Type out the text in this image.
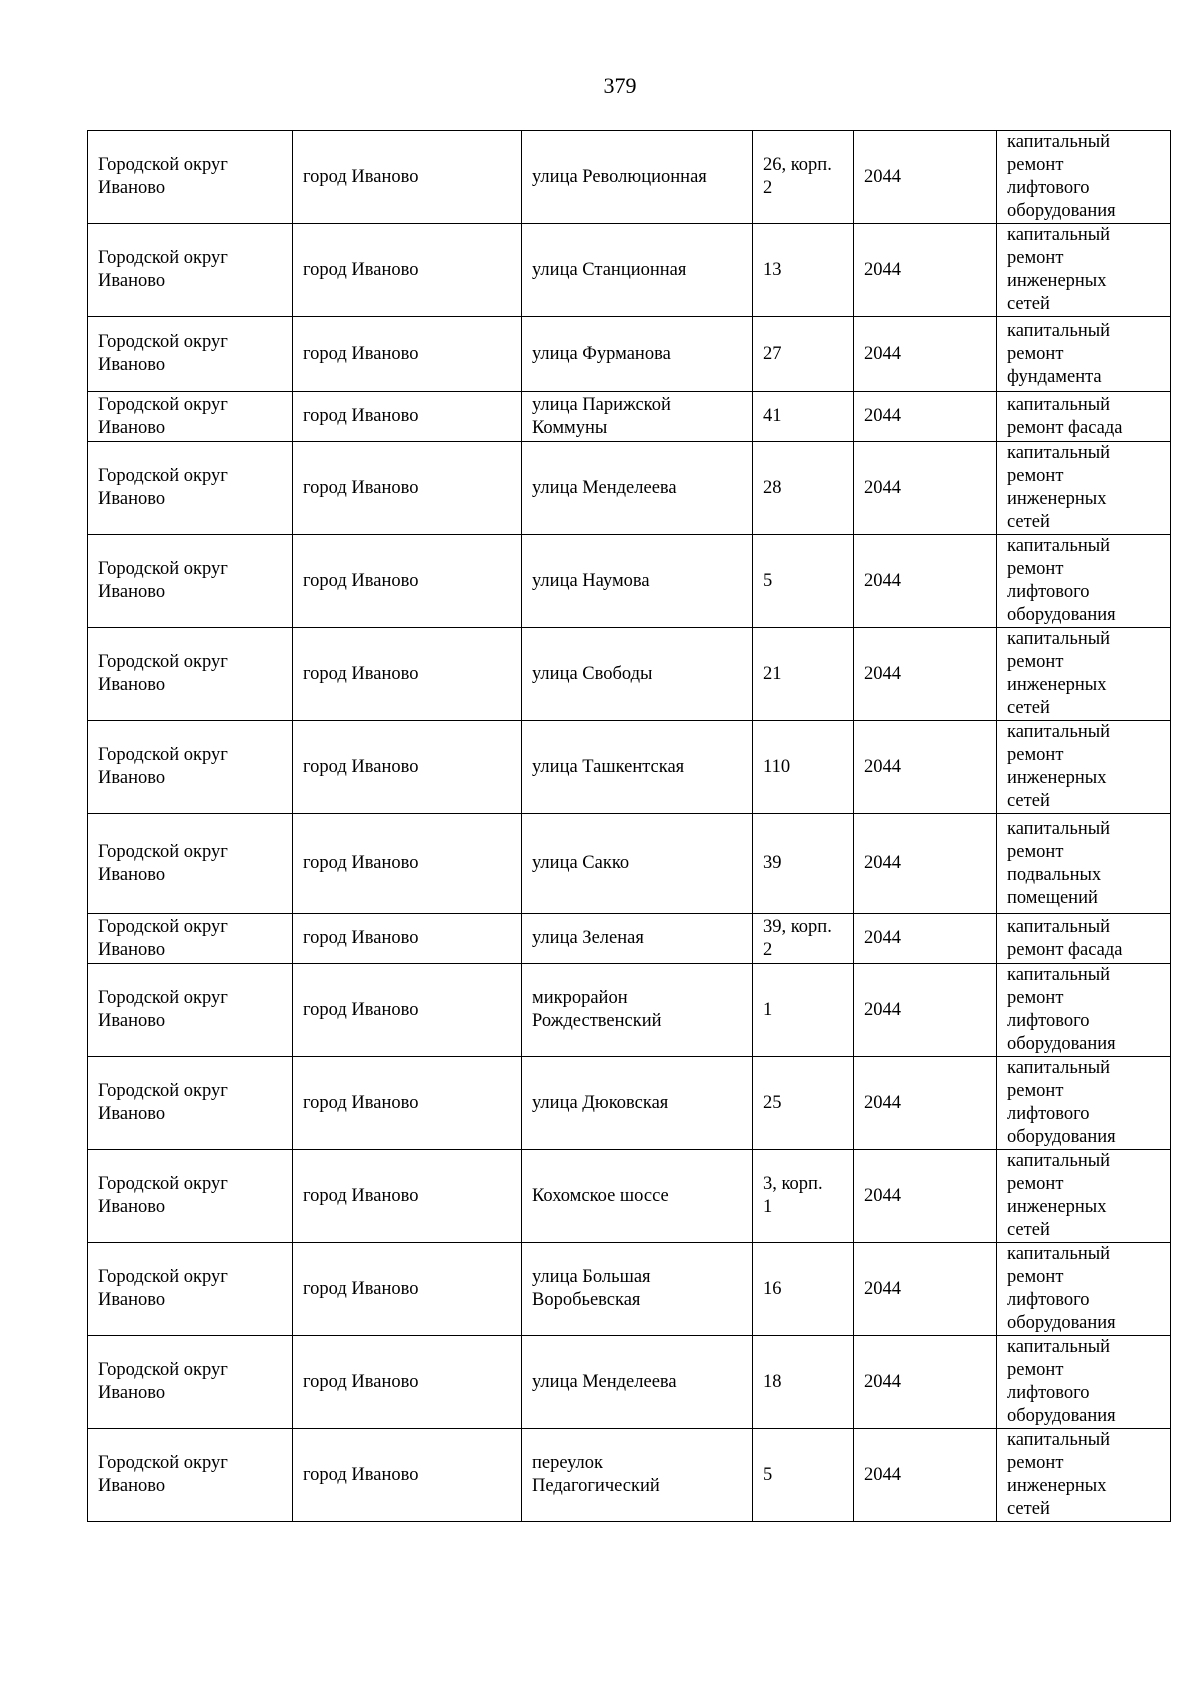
379
Городской округ Иваново	город Иваново	улица Революционная	26, корп.
2	2044	капитальный
ремонт
лифтового
оборудования

Городской округ Иваново	город Иваново	улица Станционная	13	2044	капитальный
ремонт
инженерных
сетей

Городской округ Иваново	город Иваново	улица Фурманова	27	2044	капитальный
ремонт
фундамента

Городской округ Иваново	город Иваново	улица Парижской
Коммуны	41	2044	капитальный
ремонт фасада

Городской округ Иваново	город Иваново	улица Менделеева	28	2044	капитальный
ремонт
инженерных
сетей

Городской округ Иваново	город Иваново	улица Наумова	5	2044	капитальный
ремонт
лифтового
оборудования

Городской округ Иваново	город Иваново	улица Свободы	21	2044	капитальный
ремонт
инженерных
сетей

Городской округ Иваново	город Иваново	улица Ташкентская	110	2044	капитальный
ремонт
инженерных
сетей

Городской округ Иваново	город Иваново	улица Сакко	39	2044	капитальный
ремонт
подвальных
помещений

Городской округ Иваново	город Иваново	улица Зеленая	39, корп.
2	2044	капитальный
ремонт фасада

Городской округ Иваново	город Иваново	микрорайон
Рождественский	1	2044	капитальный
ремонт
лифтового
оборудования

Городской округ Иваново	город Иваново	улица Дюковская	25	2044	капитальный
ремонт
лифтового
оборудования

Городской округ Иваново	город Иваново	Кохомское шоссе	3, корп.
1	2044	капитальный
ремонт
инженерных
сетей

Городской округ Иваново	город Иваново	улица Большая
Воробьевская	16	2044	капитальный
ремонт
лифтового
оборудования

Городской округ Иваново	город Иваново	улица Менделеева	18	2044	капитальный
ремонт
лифтового
оборудования

Городской округ Иваново	город Иваново	переулок
Педагогический	5	2044	капитальный
ремонт
инженерных
сетей
